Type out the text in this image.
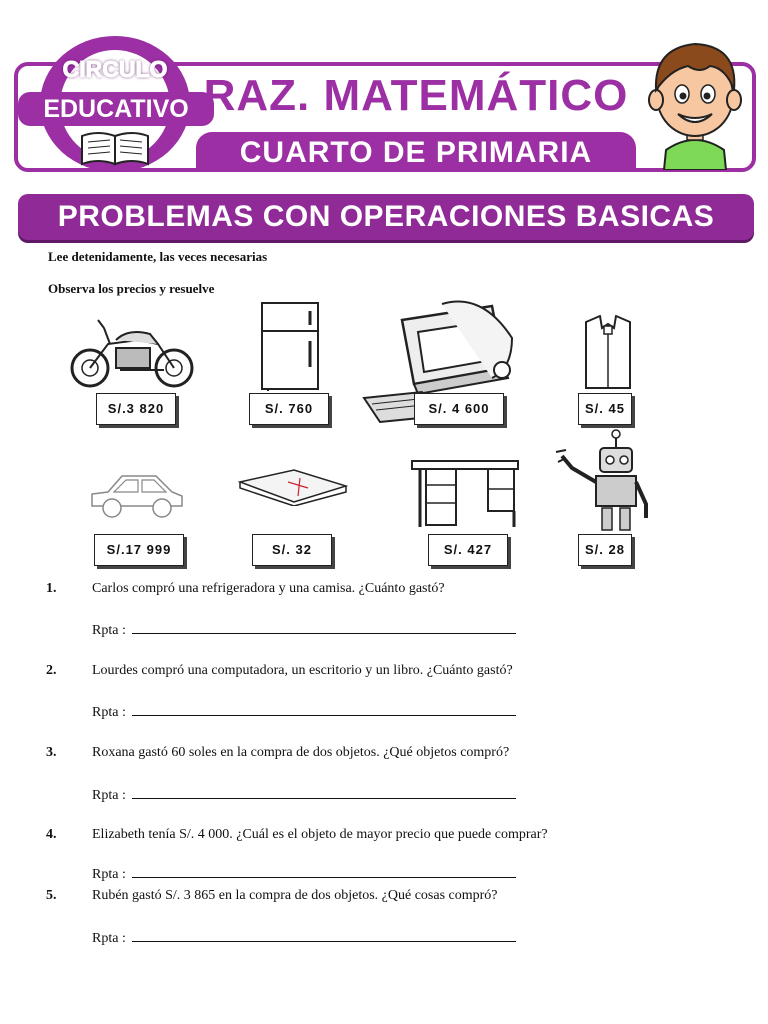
CIRCULO
EDUCATIVO RAZ. MATEMÁTICO
CUARTO DE PRIMARIA
PROBLEMAS CON OPERACIONES BASICAS
Lee detenidamente, las veces necesarias
Observa los precios y resuelve
S/.3 820	S/. 760	S/. 4 600	S/. 45
S/.17 999	S/. 32	S/. 427	S/. 28
1.	Carlos compró una refrigeradora y una camisa. ¿Cuánto gastó?
Rpta :
2.	Lourdes compró una computadora, un escritorio y un libro. ¿Cuánto gastó?
Rpta :
3.	Roxana gastó 60 soles en la compra de dos objetos. ¿Qué objetos compró?
Rpta :
4.	Elizabeth tenía S/. 4 000. ¿Cuál es el objeto de mayor precio que puede comprar?
Rpta :
5.	Rubén gastó S/. 3 865 en la compra de dos objetos. ¿Qué cosas compró?
Rpta :
